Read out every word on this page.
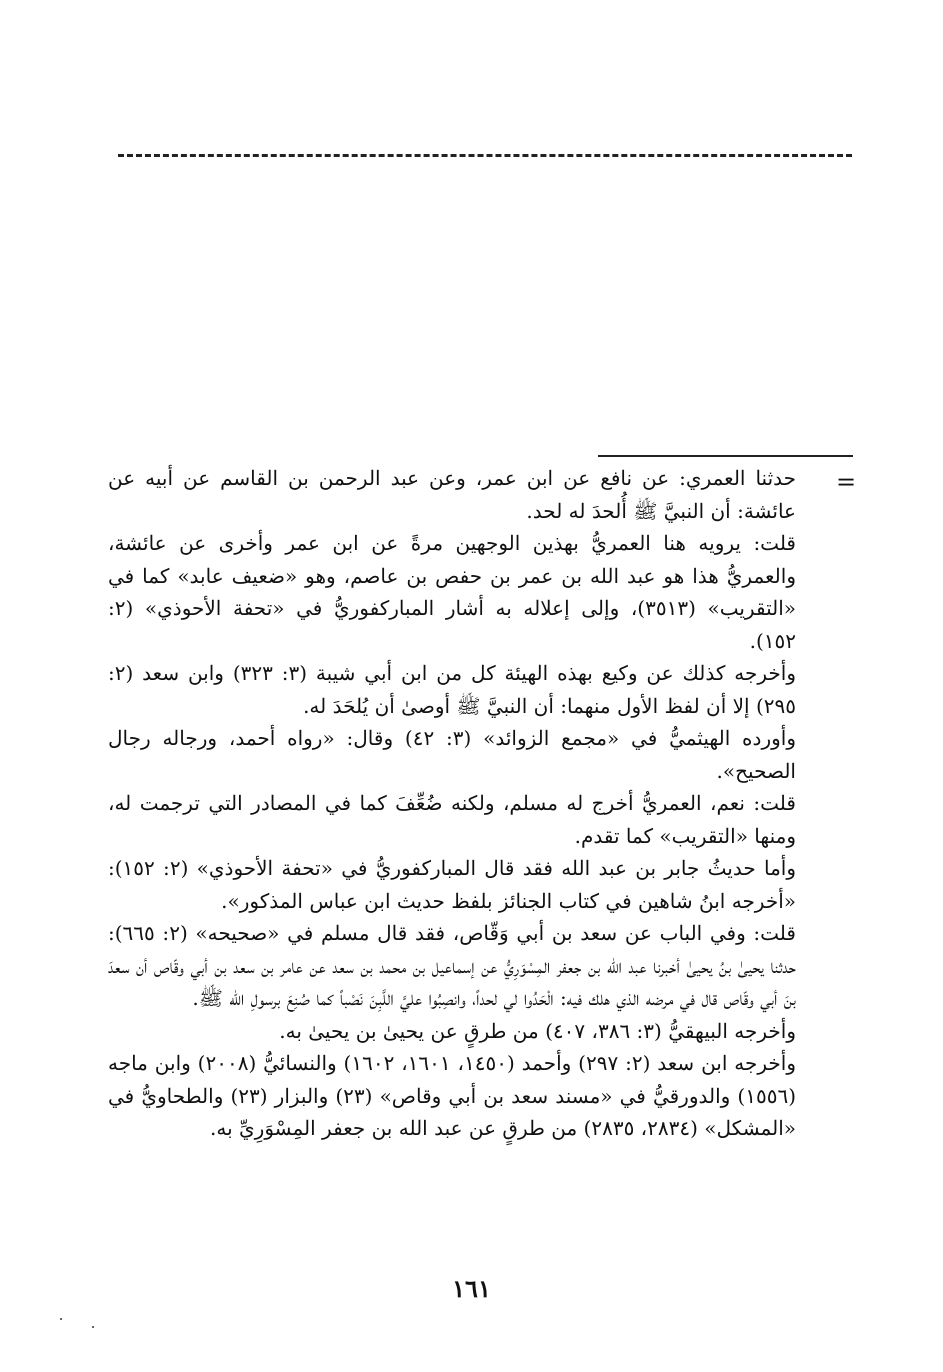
=

حدثنا العمري: عن نافع عن ابن عمر، وعن عبد الرحمن بن القاسم عن أبيه عن عائشة: أن النبيَّ ﷺ أُلحدَ له لحد.

قلت: يرويه هنا العمريُّ بهذين الوجهين مرةً عن ابن عمر وأخرى عن عائشة، والعمريُّ هذا هو عبد الله بن عمر بن حفص بن عاصم، وهو «ضعيف عابد» كما في «التقريب» (٣٥١٣)، وإلى إعلاله به أشار المباركفوريُّ في «تحفة الأحوذي» (٢: ١٥٢).

وأخرجه كذلك عن وكيع بهذه الهيئة كل من ابن أبي شيبة (٣: ٣٢٣) وابن سعد (٢: ٢٩٥) إلا أن لفظ الأول منهما: أن النبيَّ ﷺ أوصىٰ أن يُلحَدَ له.

وأورده الهيثميُّ في «مجمع الزوائد» (٣: ٤٢) وقال: «رواه أحمد، ورجاله رجال الصحيح».

قلت: نعم، العمريُّ أخرج له مسلم، ولكنه ضُعِّفَ كما في المصادر التي ترجمت له، ومنها «التقريب» كما تقدم.

وأما حديثُ جابر بن عبد الله فقد قال المباركفوريُّ في «تحفة الأحوذي» (٢: ١٥٢): «أخرجه ابنُ شاهين في كتاب الجنائز بلفظ حديث ابن عباس المذكور».

قلت: وفي الباب عن سعد بن أبي وَقّاص، فقد قال مسلم في «صحيحه» (٢: ٦٦٥): حدثنا يحيىٰ بنُ يحيىٰ أخبرنا عبد الله بن جعفر المِسْوَرِيُّ عن إسماعيل بن محمد بن سعد عن عامر بن سعد بن أبي وقّاص أن سعدَ بنَ أبي وقّاص قال في مرضه الذي هلك فيه: الْحَدُوا لي لحداً، وانصِبُوا عليَّ اللَّبِنَ نَصْباً كما صُنِعَ برسولِ الله ﷺ.

وأخرجه البيهقيُّ (٣: ٣٨٦، ٤٠٧) من طرقٍ عن يحيىٰ بن يحيىٰ به.

وأخرجه ابن سعد (٢: ٢٩٧) وأحمد (١٤٥٠، ١٦٠١، ١٦٠٢) والنسائيُّ (٢٠٠٨) وابن ماجه (١٥٥٦) والدورقيُّ في «مسند سعد بن أبي وقاص» (٢٣) والبزار (٢٣) والطحاويُّ في «المشكل» (٢٨٣٤، ٢٨٣٥) من طرقٍ عن عبد الله بن جعفر المِسْوَرِيِّ به.

١٦١
